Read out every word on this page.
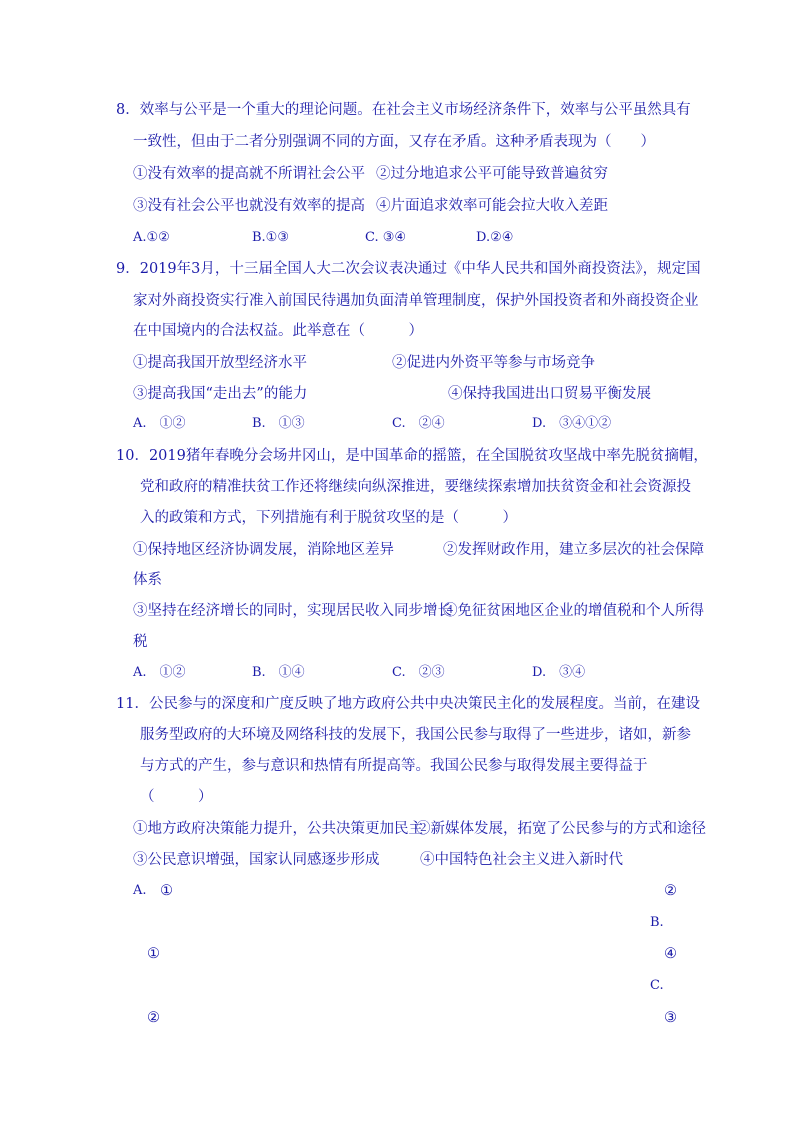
8．效率与公平是一个重大的理论问题。在社会主义市场经济条件下，效率与公平虽然具有
一致性，但由于二者分别强调不同的方面，又存在矛盾。这种矛盾表现为（　　）
①没有效率的提高就不所谓社会公平 ②过分地追求公平可能导致普遍贫穷
③没有社会公平也就没有效率的提高 ④片面追求效率可能会拉大收入差距
A.①②	B.①③	C. ③④	D.②④
9．2019年3月，十三届全国人大二次会议表决通过《中华人民共和国外商投资法》，规定国
家对外商投资实行准入前国民待遇加负面清单管理制度，保护外国投资者和外商投资企业
在中国境内的合法权益。此举意在（　　　）
①提高我国开放型经济水平	②促进内外资平等参与市场竞争
③提高我国“走出去”的能力	④保持我国进出口贸易平衡发展
A.　①②	B.　①③	C.　②④	D.　③④①②
10．2019猪年春晚分会场井冈山，是中国革命的摇篮，在全国脱贫攻坚战中率先脱贫摘帽，
党和政府的精准扶贫工作还将继续向纵深推进，要继续探索增加扶贫资金和社会资源投
入的政策和方式，下列措施有利于脱贫攻坚的是（　　　）
①保持地区经济协调发展，消除地区差异	②发挥财政作用，建立多层次的社会保障
体系
③坚持在经济增长的同时，实现居民收入同步增长
④免征贫困地区企业的增值税和个人所得
税
A.　①②	B.　①④	C.　②③	D.　③④
11．公民参与的深度和广度反映了地方政府公共中央决策民主化的发展程度。当前，在建设
服务型政府的大环境及网络科技的发展下，我国公民参与取得了一些进步，诸如，新参
与方式的产生，参与意识和热情有所提高等。我国公民参与取得发展主要得益于
（　　　）
①地方政府决策能力提升，公共决策更加民主
②新媒体发展，拓宽了公民参与的方式和途径
③公民意识增强，国家认同感逐步形成	④中国特色社会主义进入新时代
A. ①	②
B.
①	④
C.
②	③
